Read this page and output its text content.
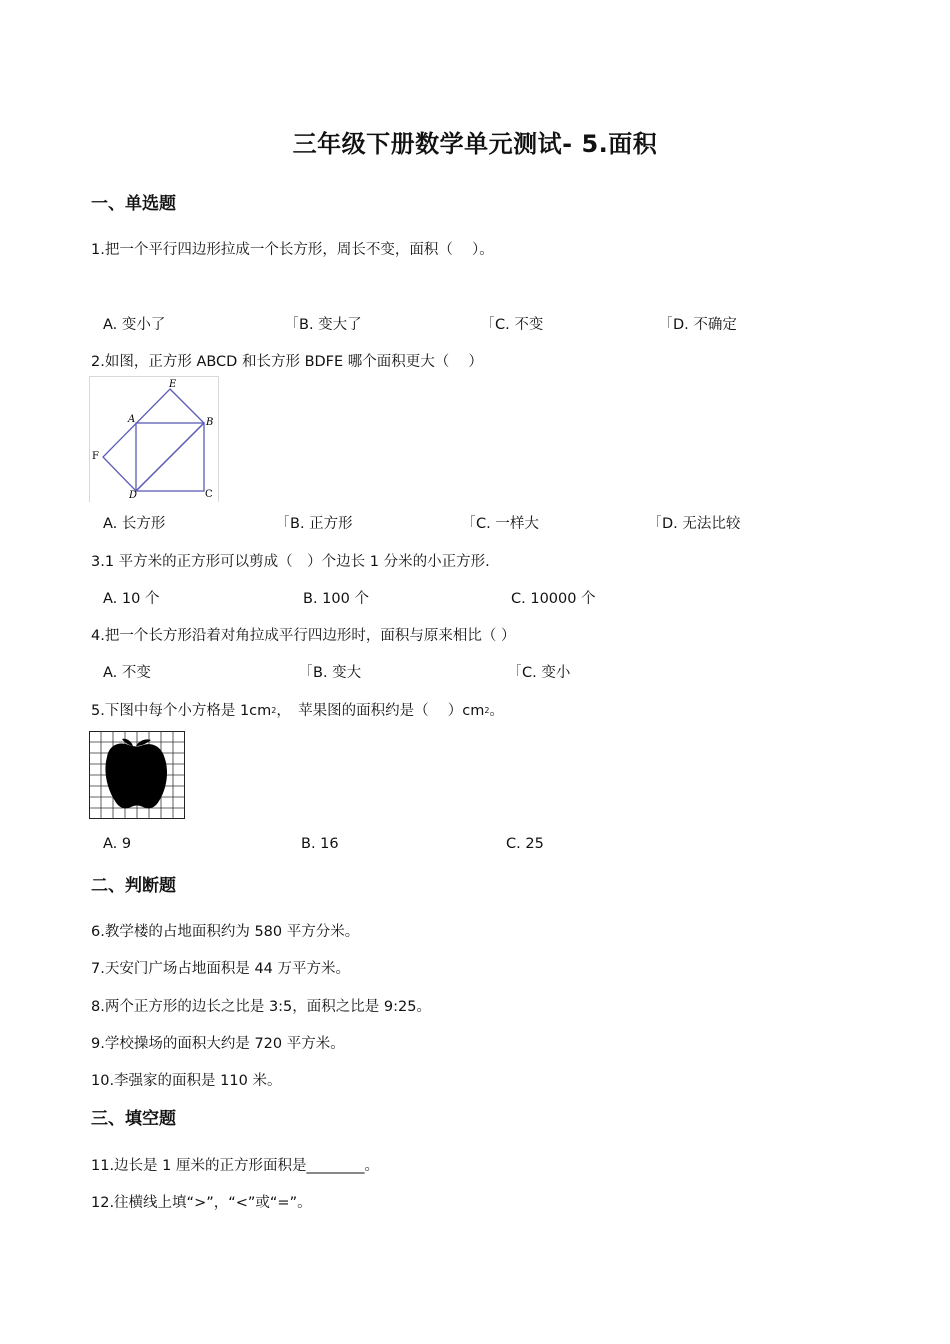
三年级下册数学单元测试- 5.面积
一、单选题
1.把一个平行四边形拉成一个长方形，周长不变，面积（　 ）。
A. 变小了	B. 变大了	C. 不变	D. 不确定
2.如图，正方形 ABCD 和长方形 BDFE 哪个面积更大（　 ）
E
A	B
F
D	C
A. 长方形	B. 正方形	C. 一样大	D. 无法比较
3.1 平方米的正方形可以剪成（　）个边长 1 分米的小正方形.
A. 10 个	B. 100 个	C. 10000 个
4.把一个长方形沿着对角拉成平行四边形时，面积与原来相比（ ）
A. 不变	B. 变大	C. 变小
5.下图中每个小方格是 $1cm^2$，　苹果图的面积约是（　 ）$cm^2$。
A. 9	B. 16	C. 25
二、判断题
6.教学楼的占地面积约为 580 平方分米。
7.天安门广场占地面积是 44 万平方米。
8.两个正方形的边长之比是 3:5，面积之比是 9:25。
9.学校操场的面积大约是 720 平方米。
10.李强家的面积是 110 米。
三、填空题
11.边长是 1 厘米的正方形面积是________。
12.往横线上填“>”，“<”或“=”。
